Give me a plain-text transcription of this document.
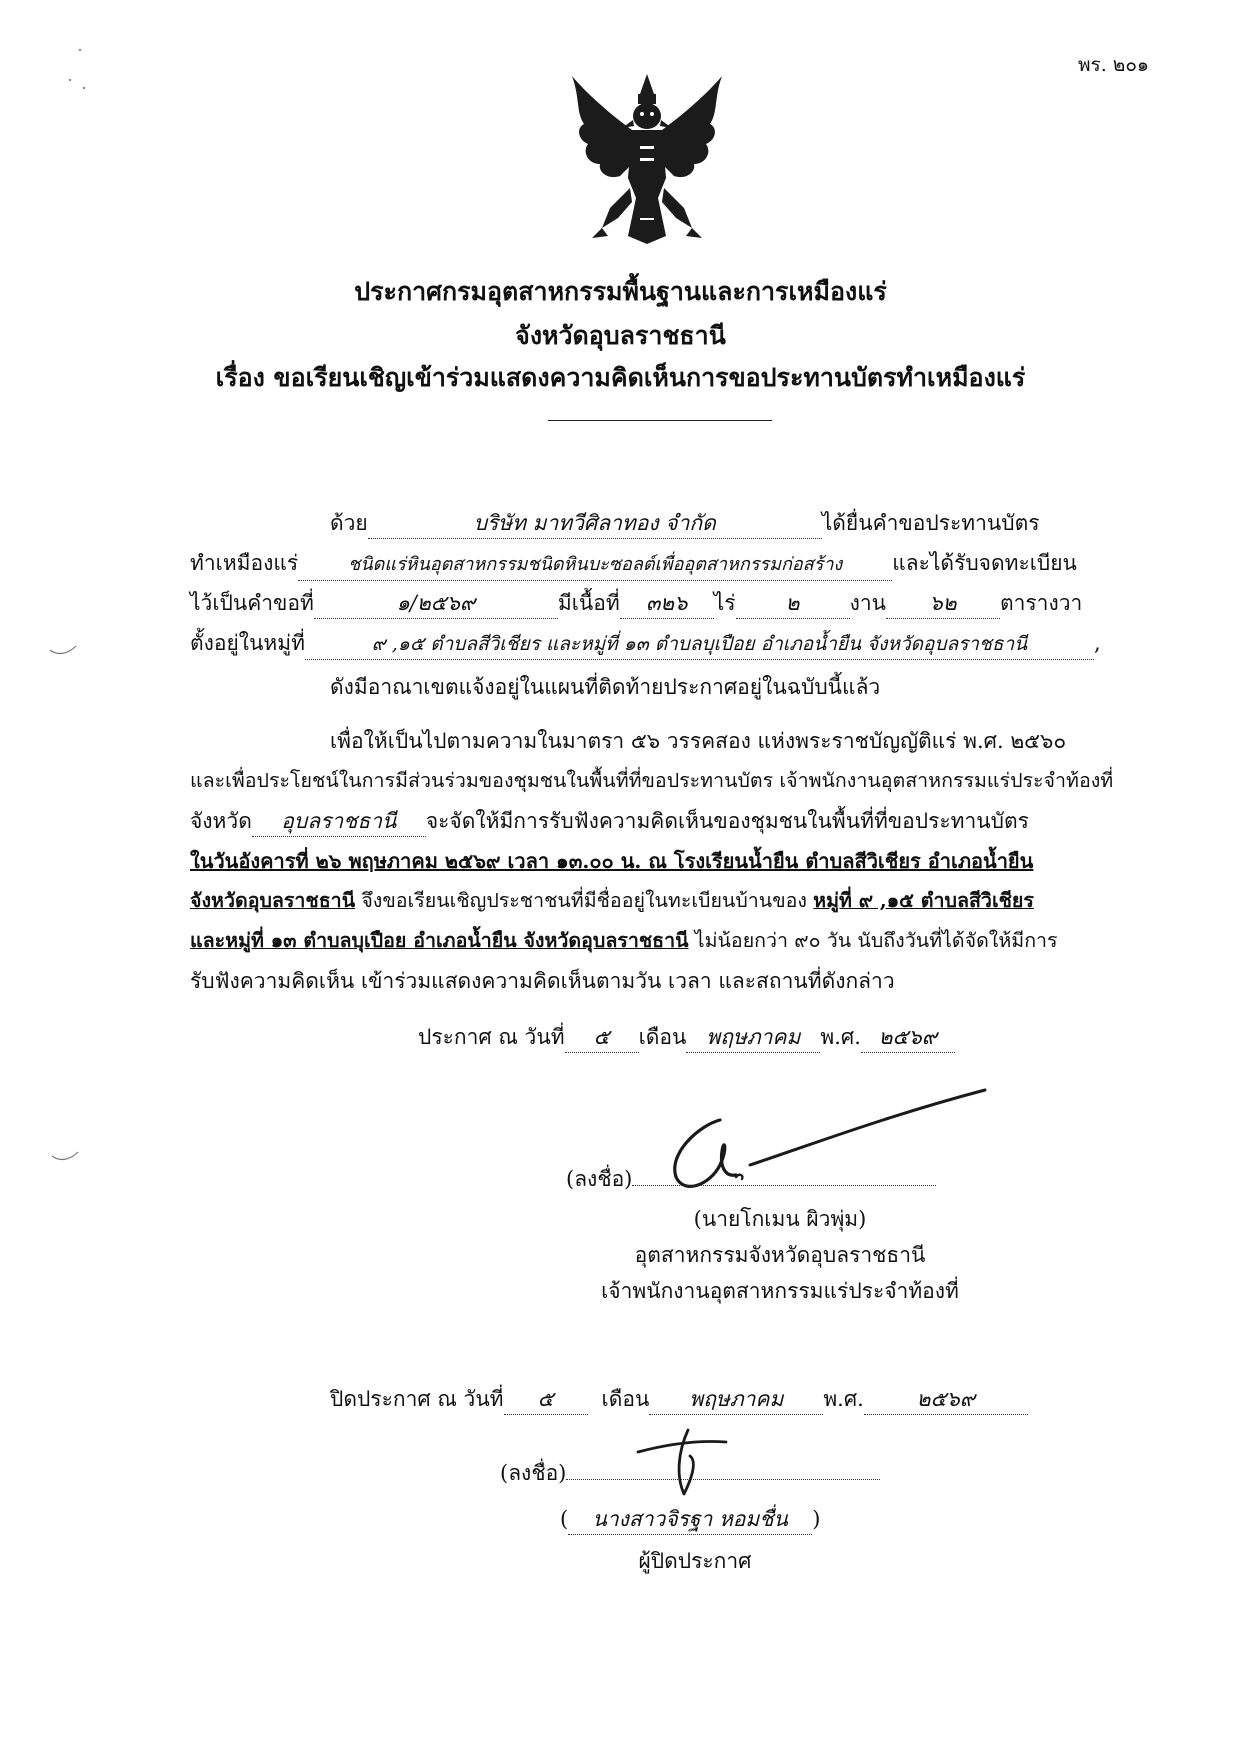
พร. ๒๐๑
ประกาศกรมอุตสาหกรรมพื้นฐานและการเหมืองแร่
จังหวัดอุบลราชธานี
เรื่อง ขอเรียนเชิญเข้าร่วมแสดงความคิดเห็นการขอประทานบัตรทำเหมืองแร่
ด้วย	บริษัท มาทวีศิลาทอง จำกัด	ได้ยื่นคำขอประทานบัตร
ทำเหมืองแร่	ชนิดแร่หินอุตสาหกรรมชนิดหินบะซอลต์เพื่ออุตสาหกรรมก่อสร้าง และได้รับจดทะเบียน
ไว้เป็นคำขอที่	๑/๒๕๖๙	มีเนื้อที่ ๓๒๖ ไร่ ๒ งาน ๖๒ ตารางวา
ตั้งอยู่ในหมู่ที่	๙ ,๑๕ ตำบลสีวิเชียร และหมู่ที่ ๑๓ ตำบลบุเปือย อำเภอน้ำยืน จังหวัดอุบลราชธานี	,
ดังมีอาณาเขตแจ้งอยู่ในแผนที่ติดท้ายประกาศอยู่ในฉบับนี้แล้ว
เพื่อให้เป็นไปตามความในมาตรา ๕๖ วรรคสอง แห่งพระราชบัญญัติแร่ พ.ศ. ๒๕๖๐
และเพื่อประโยชน์ในการมีส่วนร่วมของชุมชนในพื้นที่ที่ขอประทานบัตร เจ้าพนักงานอุตสาหกรรมแร่ประจำท้องที่
จังหวัด อุบลราชธานี จะจัดให้มีการรับฟังความคิดเห็นของชุมชนในพื้นที่ที่ขอประทานบัตร
ในวันอังคารที่ ๒๖ พฤษภาคม ๒๕๖๙ เวลา ๑๓.๐๐ น. ณ โรงเรียนน้ำยืน ตำบลสีวิเชียร อำเภอน้ำยืน
จังหวัดอุบลราชธานี จึงขอเรียนเชิญประชาชนที่มีชื่ออยู่ในทะเบียนบ้านของ หมู่ที่ ๙ ,๑๕ ตำบลสีวิเชียร
และหมู่ที่ ๑๓ ตำบลบุเปือย อำเภอน้ำยืน จังหวัดอุบลราชธานี ไม่น้อยกว่า ๙๐ วัน นับถึงวันที่ได้จัดให้มีการ
รับฟังความคิดเห็น เข้าร่วมแสดงความคิดเห็นตามวัน เวลา และสถานที่ดังกล่าว
ประกาศ ณ วันที่ ๕ เดือน พฤษภาคม พ.ศ. ๒๕๖๙
(ลงชื่อ)
(นายโกเมน ผิวพุ่ม)
อุตสาหกรรมจังหวัดอุบลราชธานี
เจ้าพนักงานอุตสาหกรรมแร่ประจำท้องที่
ปิดประกาศ ณ วันที่ ๕ เดือน พฤษภาคม พ.ศ.	๒๕๖๙
(ลงชื่อ)
( นางสาวจิรฐา หอมชื่น )
ผู้ปิดประกาศ
